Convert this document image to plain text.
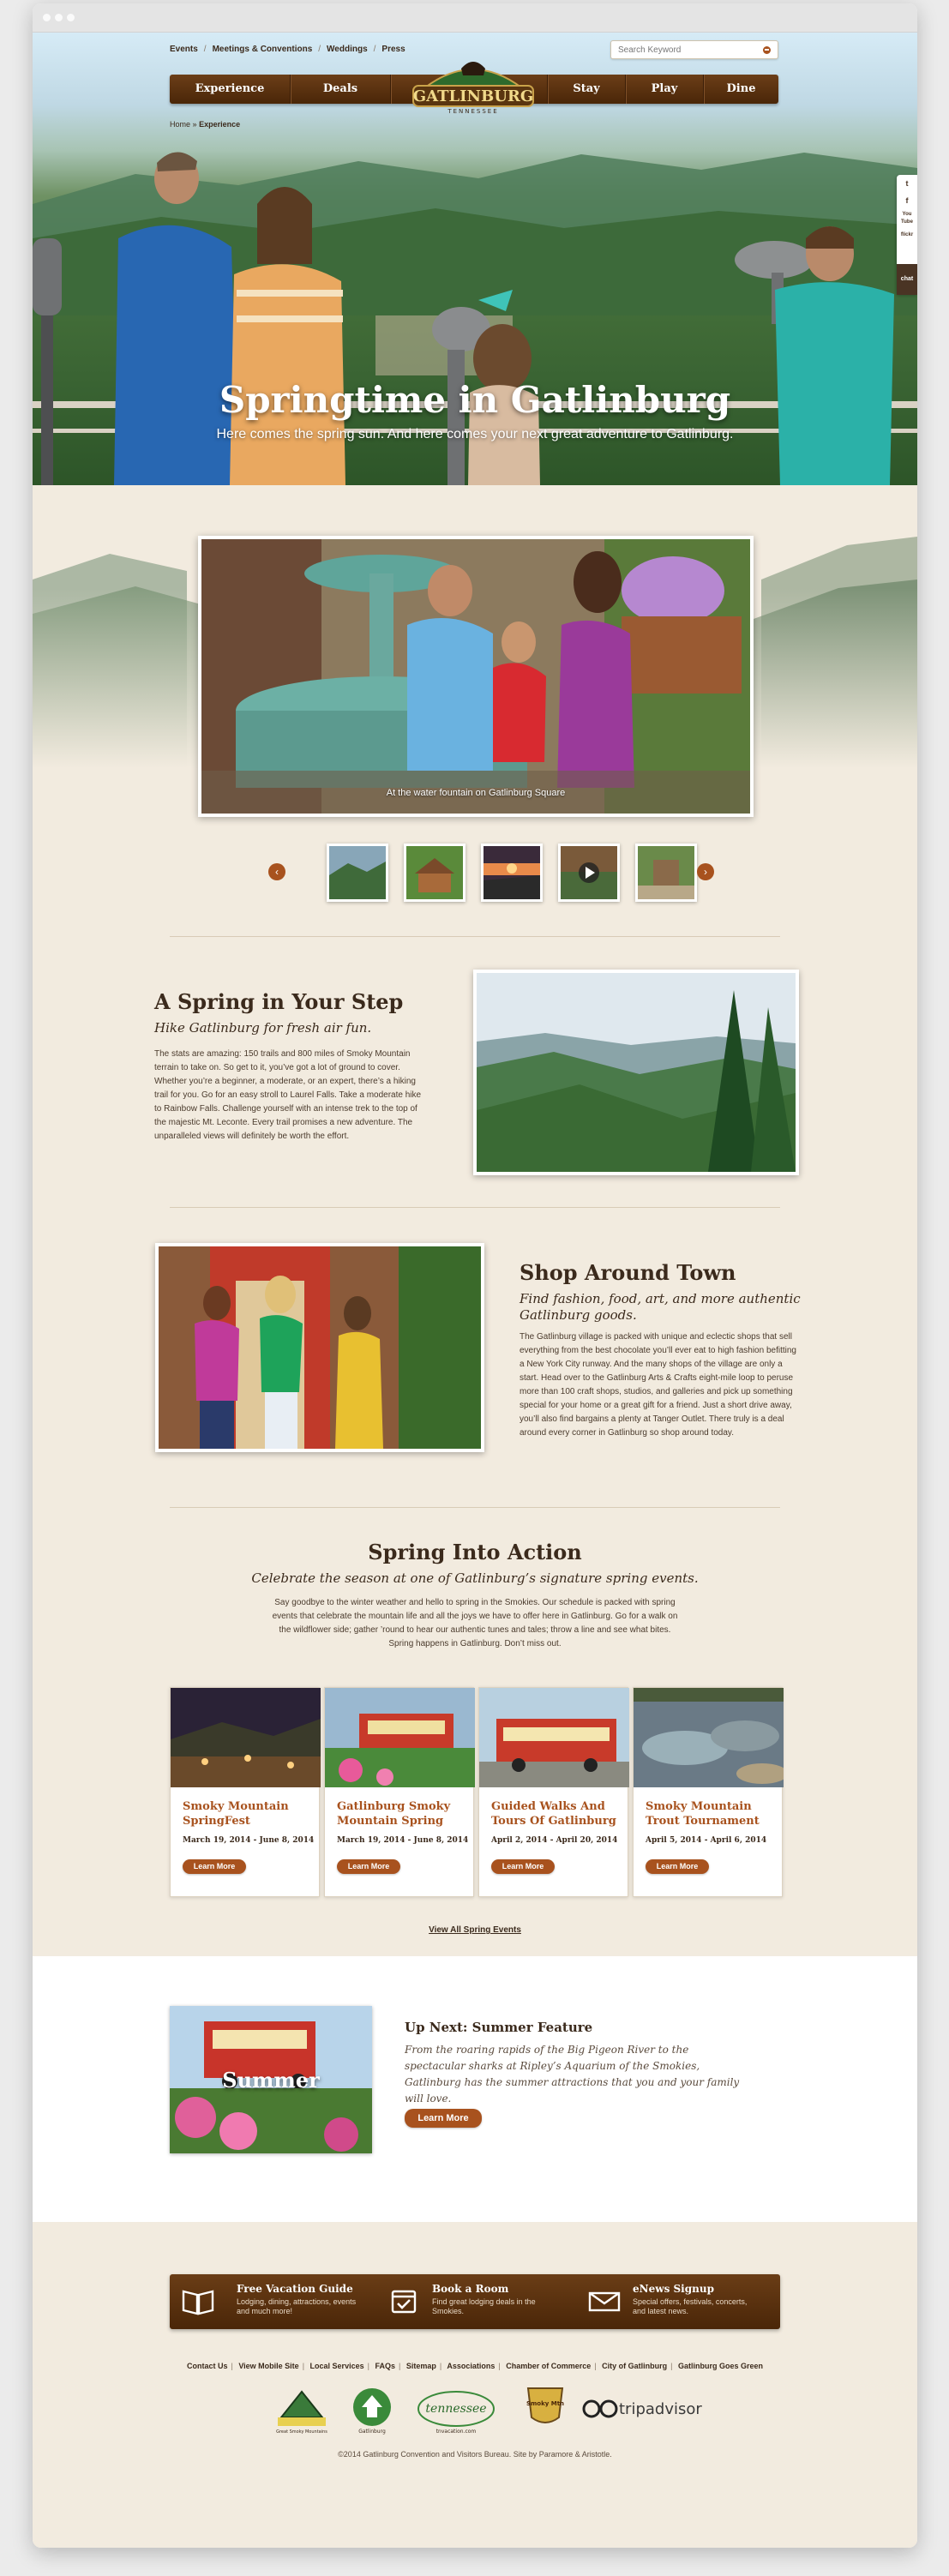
Events / Meetings & Conventions / Weddings / Press	Search Keyword
Experience	Deals	Stay	Play	Dine
GATLINBURG
TENNESSEE
Home » Experience
t
f
You Tube
flickr
chat
Springtime in Gatlinburg
Here comes the spring sun. And here comes your next great adventure to Gatlinburg.
At the water fountain on Gatlinburg Square
‹	›
A Spring in Your Step
Hike Gatlinburg for fresh air fun.
The stats are amazing: 150 trails and 800 miles of Smoky Mountain terrain to take on. So get to it, you’ve got a lot of ground to cover. Whether you’re a beginner, a moderate, or an expert, there’s a hiking trail for you. Go for an easy stroll to Laurel Falls. Take a moderate hike to Rainbow Falls. Challenge yourself with an intense trek to the top of the majestic Mt. Leconte. Every trail promises a new adventure. The unparalleled views will definitely be worth the effort.
Shop Around Town
Find fashion, food, art, and more authentic Gatlinburg goods.
The Gatlinburg village is packed with unique and eclectic shops that sell everything from the best chocolate you’ll ever eat to high fashion befitting a New York City runway. And the many shops of the village are only a start. Head over to the Gatlinburg Arts & Crafts eight-mile loop to peruse more than 100 craft shops, studios, and galleries and pick up something special for your home or a great gift for a friend. Just a short drive away, you’ll also find bargains a plenty at Tanger Outlet. There truly is a deal around every corner in Gatlinburg so shop around today.
Spring Into Action
Celebrate the season at one of Gatlinburg’s signature spring events.
Say goodbye to the winter weather and hello to spring in the Smokies. Our schedule is packed with spring events that celebrate the mountain life and all the joys we have to offer here in Gatlinburg. Go for a walk on the wildflower side; gather ’round to hear our authentic tunes and tales; throw a line and see what bites. Spring happens in Gatlinburg. Don’t miss out.
Smoky Mountain SpringFest
March 19, 2014 - June 8, 2014
Learn More
Gatlinburg Smoky Mountain Spring
March 19, 2014 - June 8, 2014
Learn More
Guided Walks And Tours Of Gatlinburg
April 2, 2014 - April 20, 2014
Learn More
Smoky Mountain Trout Tournament
April 5, 2014 - April 6, 2014
Learn More
View All Spring Events
Summer
Up Next: Summer Feature
From the roaring rapids of the Big Pigeon River to the spectacular sharks at Ripley’s Aquarium of the Smokies, Gatlinburg has the summer attractions that you and your family will love.
Learn More
Free Vacation Guide
Lodging, dining, attractions, events and much more!
Book a Room
Find great lodging deals in the Smokies.
eNews Signup
Special offers, festivals, concerts, and latest news.
Contact Us | View Mobile Site | Local Services | FAQs | Sitemap | Associations | Chamber of Commerce | City of Gatlinburg | Gatlinburg Goes Green
Great Smoky Mountains	Gatlinburg
tennessee
tnvacation.com
Smoky Mtn	tripadvisor
©2014 Gatlinburg Convention and Visitors Bureau. Site by Paramore & Aristotle.
